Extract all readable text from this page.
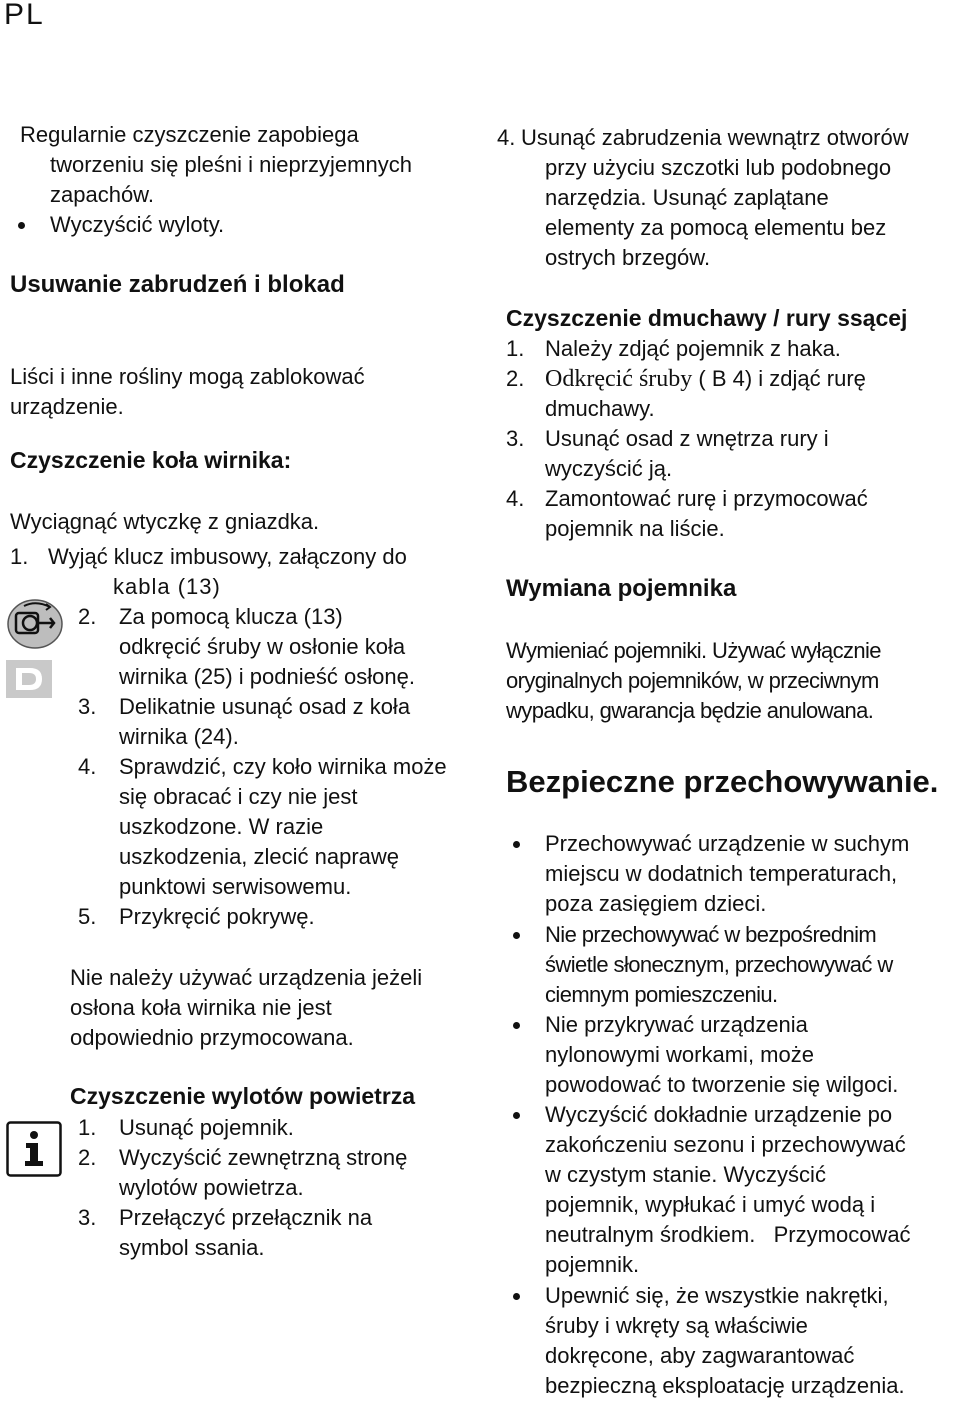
PL
Regularnie czyszczenie zapobiega
tworzeniu się pleśni i nieprzyjemnych
zapachów.
Wyczyścić wyloty.
Usuwanie zabrudzeń i blokad
Liści i inne rośliny mogą zablokować
urządzenie.
Czyszczenie koła wirnika:
Wyciągnąć wtyczkę z gniazdka.
1. Wyjąć klucz imbusowy, załączony do
kabla (13)
2. Za pomocą klucza (13)
odkręcić śruby w osłonie koła
wirnika (25) i podnieść osłonę.
3. Delikatnie usunąć osad z koła
wirnika (24).
4. Sprawdzić, czy koło wirnika może
się obracać i czy nie jest
uszkodzone. W razie
uszkodzenia, zlecić naprawę
punktowi serwisowemu.
5. Przykręcić pokrywę.
Nie należy używać urządzenia jeżeli
osłona koła wirnika nie jest
odpowiednio przymocowana.
Czyszczenie wylotów powietrza
1. Usunąć pojemnik.
2. Wyczyścić zewnętrzną stronę
wylotów powietrza.
3. Przełączyć przełącznik na
symbol ssania.
4. Usunąć zabrudzenia wewnątrz otworów
przy użyciu szczotki lub podobnego
narzędzia. Usunąć zaplątane
elementy za pomocą elementu bez
ostrych brzegów.
Czyszczenie dmuchawy / rury ssącej
1. Należy zdjąć pojemnik z haka.
2. Odkręcić śruby ( B 4) i zdjąć rurę
dmuchawy.
3. Usunąć osad z wnętrza rury i
wyczyścić ją.
4. Zamontować rurę i przymocować
pojemnik na liście.
Wymiana pojemnika
Wymieniać pojemniki. Używać wyłącznie
oryginalnych pojemników, w przeciwnym
wypadku, gwarancja będzie anulowana.
Bezpieczne przechowywanie.
Przechowywać urządzenie w suchym
miejscu w dodatnich temperaturach,
poza zasięgiem dzieci.
Nie przechowywać w bezpośrednim
świetle słonecznym, przechowywać w
ciemnym pomieszczeniu.
Nie przykrywać urządzenia
nylonowymi workami, może
powodować to tworzenie się wilgoci.
Wyczyścić dokładnie urządzenie po
zakończeniu sezonu i przechowywać
w czystym stanie. Wyczyścić
pojemnik, wypłukać i umyć wodą i
neutralnym środkiem.   Przymocować
pojemnik.
Upewnić się, że wszystkie nakrętki,
śruby i wkręty są właściwie
dokręcone, aby zagwarantować
bezpieczną eksploatację urządzenia.
